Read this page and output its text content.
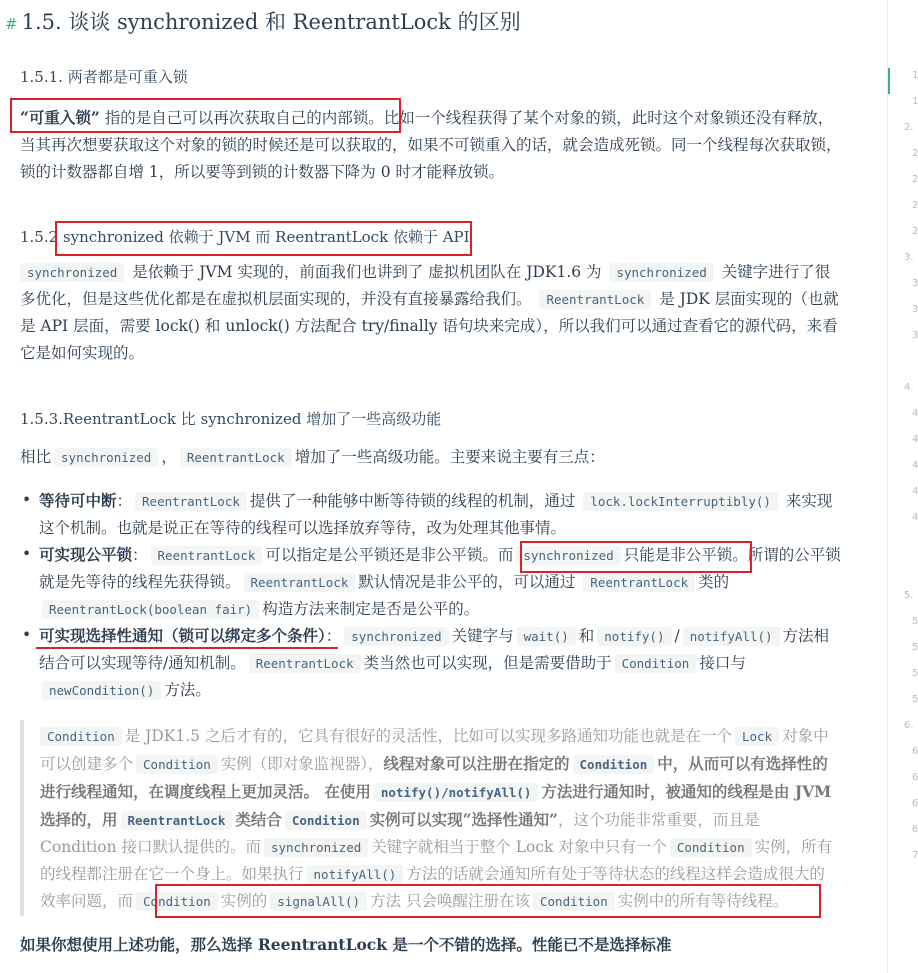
# 1.5. 谈谈 synchronized 和 ReentrantLock 的区别
1.5.1. 两者都是可重入锁
“可重入锁” 指的是自己可以再次获取自己的内部锁。比如一个线程获得了某个对象的锁，此时这个对象锁还没有释放，当其再次想要获取这个对象的锁的时候还是可以获取的，如果不可锁重入的话，就会造成死锁。同一个线程每次获取锁，锁的计数器都自增 1，所以要等到锁的计数器下降为 0 时才能释放锁。
1.5.2 synchronized 依赖于 JVM 而 ReentrantLock 依赖于 API
synchronized 是依赖于 JVM 实现的，前面我们也讲到了 虚拟机团队在 JDK1.6 为 synchronized 关键字进行了很多优化，但是这些优化都是在虚拟机层面实现的，并没有直接暴露给我们。 ReentrantLock 是 JDK 层面实现的（也就是 API 层面，需要 lock() 和 unlock() 方法配合 try/finally 语句块来完成），所以我们可以通过查看它的源代码，来看它是如何实现的。
1.5.3.ReentrantLock 比 synchronized 增加了一些高级功能
相比 synchronized ， ReentrantLock 增加了一些高级功能。主要来说主要有三点：
• 等待可中断： ReentrantLock 提供了一种能够中断等待锁的线程的机制，通过 lock.lockInterruptibly() 来实现这个机制。也就是说正在等待的线程可以选择放弃等待，改为处理其他事情。
• 可实现公平锁： ReentrantLock 可以指定是公平锁还是非公平锁。而 synchronized 只能是非公平锁。所谓的公平锁就是先等待的线程先获得锁。 ReentrantLock 默认情况是非公平的，可以通过 ReentrantLock 类的ReentrantLock(boolean fair) 构造方法来制定是否是公平的。
• 可实现选择性通知（锁可以绑定多个条件）： synchronized 关键字与 wait() 和 notify() / notifyAll() 方法相结合可以实现等待/通知机制。 ReentrantLock 类当然也可以实现，但是需要借助于 Condition 接口与newCondition() 方法。
Condition 是 JDK1.5 之后才有的，它具有很好的灵活性，比如可以实现多路通知功能也就是在一个 Lock 对象中可以创建多个 Condition 实例（即对象监视器），线程对象可以注册在指定的 Condition 中，从而可以有选择性的进行线程通知，在调度线程上更加灵活。 在使用 notify()/notifyAll() 方法进行通知时，被通知的线程是由 JVM 选择的，用 ReentrantLock 类结合 Condition 实例可以实现“选择性通知”，这个功能非常重要，而且是 Condition 接口默认提供的。而 synchronized 关键字就相当于整个 Lock 对象中只有一个 Condition 实例，所有的线程都注册在它一个身上。如果执行 notifyAll() 方法的话就会通知所有处于等待状态的线程这样会造成很大的效率问题，而 Condition 实例的 signalAll() 方法 只会唤醒注册在该 Condition 实例中的所有等待线程。
如果你想使用上述功能，那么选择 ReentrantLock 是一个不错的选择。性能已不是选择标准
1
1
2.
2
2
2
2
3.
3
3
3
4.
4
4
4
4
4
5.
5
5
5
5
6.
6
6
6
6
7
